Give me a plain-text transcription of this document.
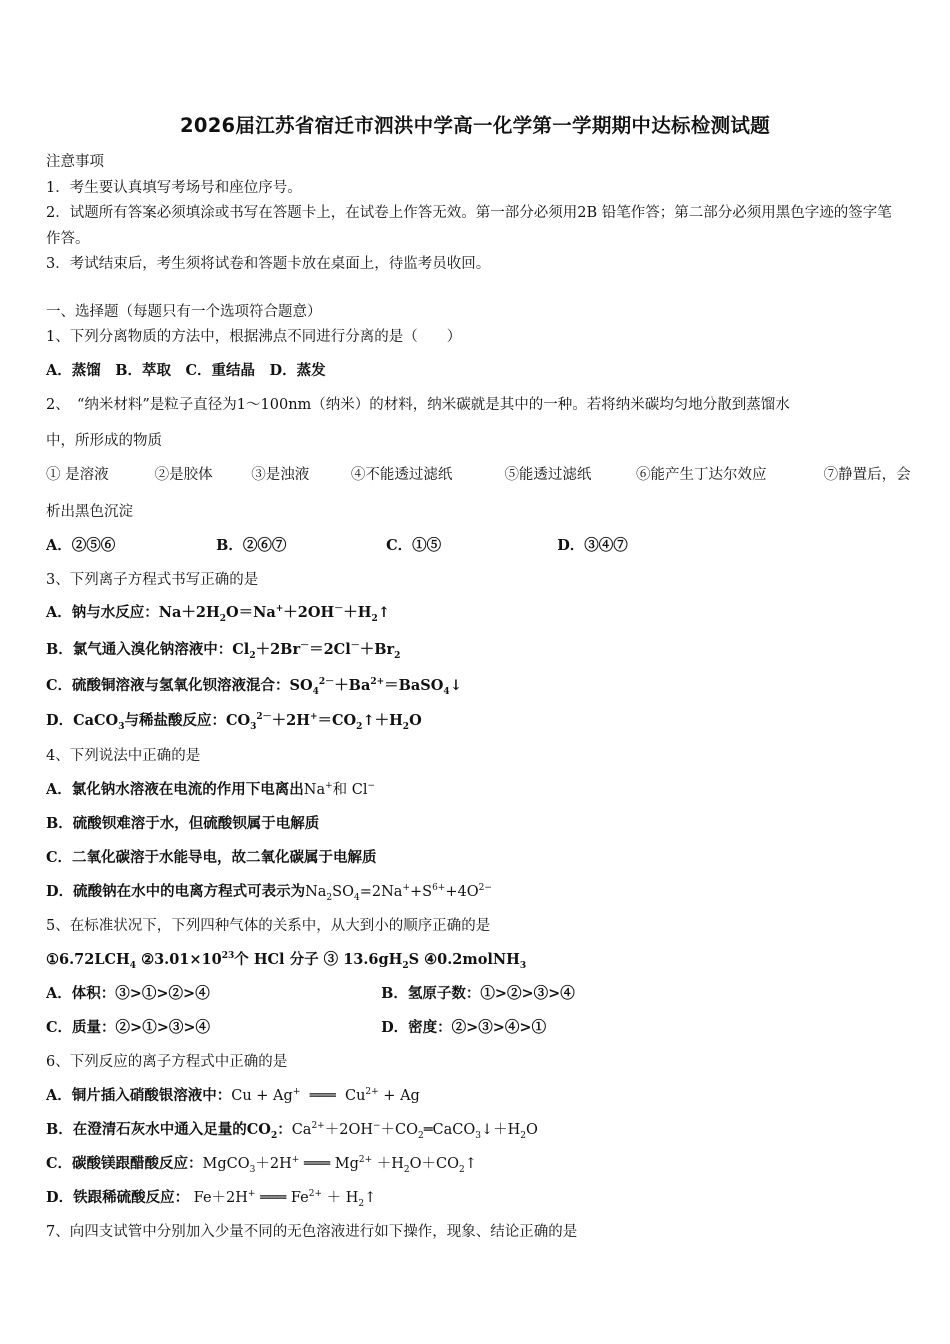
2026届江苏省宿迁市泗洪中学高一化学第一学期期中达标检测试题
注意事项
1．考生要认真填写考场号和座位序号。
2．试题所有答案必须填涂或书写在答题卡上，在试卷上作答无效。第一部分必须用2B 铅笔作答；第二部分必须用黑色字迹的签字笔作答。
3．考试结束后，考生须将试卷和答题卡放在桌面上，待监考员收回。
一、选择题（每题只有一个选项符合题意）
1、下列分离物质的方法中，根据沸点不同进行分离的是（　　）
A．蒸馏　B．萃取　C．重结晶　D．蒸发
2、　“纳米材料”是粒子直径为1～100nm（纳米）的材料，纳米碳就是其中的一种。若将纳米碳均匀地分散到蒸馏水
中，所形成的物质
① 是溶液	②是胶体	③是浊液	④不能透过滤纸	⑤能透过滤纸	⑥能产生丁达尔效应	⑦静置后，会
析出黑色沉淀
A．②⑤⑥	B．②⑥⑦	C．①⑤	D．③④⑦
3、下列离子方程式书写正确的是
A．钠与水反应：$Na+2H_2O=Na^++2OH^-+H_2↑$
B．氯气通入溴化钠溶液中：$Cl_2+2Br^-=2Cl^-+Br_2$
C．硫酸铜溶液与氢氧化钡溶液混合：$SO_4^{2-}+Ba^{2+}=BaSO_4↓$
D．CaCO$_3$与稀盐酸反应：$CO_3^{2-}+2H^+=CO_2↑+H_2O$
4、下列说法中正确的是
A．氯化钠水溶液在电流的作用下电离出Na+和 Cl−
B．硫酸钡难溶于水，但硫酸钡属于电解质
C．二氧化碳溶于水能导电，故二氧化碳属于电解质
D．硫酸钠在水中的电离方程式可表示为$Na_2SO_4=2Na^++S^{6+}+4O^{2-}$
5、在标准状况下，下列四种气体的关系中，从大到小的顺序正确的是
$①6.72LCH_4$ $②3.01\times 10^{23}$个 HCl 分子 ③ $13.6gH_2S$ ④0.2molNH$_3$
A．体积：③>①>②>④	B．氢原子数：①>②>③>④
C．质量：②>①>③>④	D．密度：②>③>④>①
6、下列反应的离子方程式中正确的是
A．铜片插入硝酸银溶液中：Cu + Ag+  ═══  $Cu^{2+} + Ag$
B．在澄清石灰水中通入足量的$CO_2$：$Ca^{2+}+2OH^-+CO_2═CaCO_3↓+H_2O$
C．碳酸镁跟醋酸反应：MgCO$_3$＋2H+ ═══ $Mg^{2+}$ $+H_2O+CO_2↑$
D．铁跟稀硫酸反应： Fe＋2H+ ═══ $Fe^{2+}$ ＋ $H_2↑$
7、向四支试管中分别加入少量不同的无色溶液进行如下操作，现象、结论正确的是
